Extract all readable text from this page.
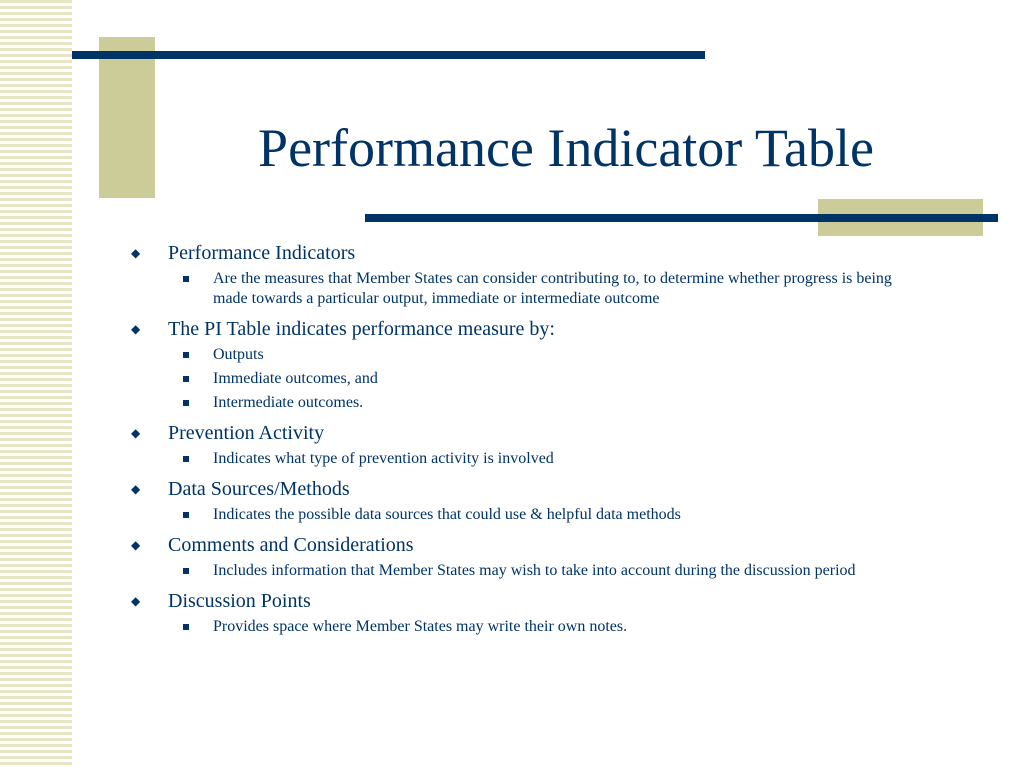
Performance Indicator Table
◆ Performance Indicators
Are the measures that Member States can consider contributing to, to determine whether progress is being made towards a particular output, immediate or intermediate outcome
◆ The PI Table indicates performance measure by:
Outputs
Immediate outcomes, and
Intermediate outcomes.
◆ Prevention Activity
Indicates what type of prevention activity is involved
◆ Data Sources/Methods
Indicates the possible data sources that could use & helpful data methods
◆ Comments and Considerations
Includes information that Member States may wish to take into account during the discussion period
◆ Discussion Points
Provides space where Member States may write their own notes.
